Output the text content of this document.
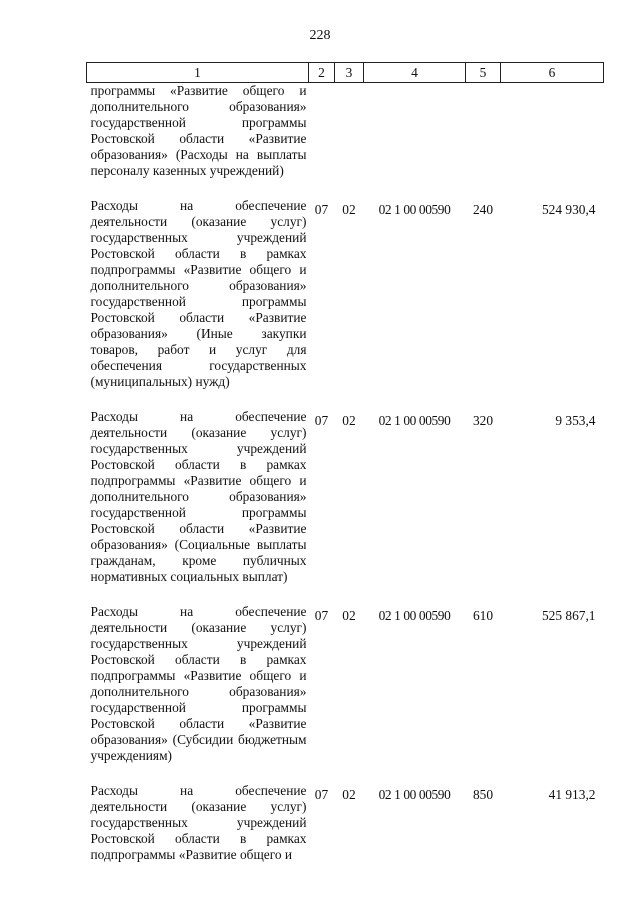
228
1	2	3	4	5	6
программы «Развитие общего и дополнительного образования» государственной программы Ростовской области «Развитие образования» (Расходы на выплаты персоналу казенных учреждений)					
Расходы на обеспечение деятельности (оказание услуг) государственных учреждений Ростовской области в рамках подпрограммы «Развитие общего и дополнительного образования» государственной программы Ростовской области «Развитие образования» (Иные закупки товаров, работ и услуг для обеспечения государственных (муниципальных) нужд)	07	02	02 1 00 00590	240	524 930,4
Расходы на обеспечение деятельности (оказание услуг) государственных учреждений Ростовской области в рамках подпрограммы «Развитие общего и дополнительного образования» государственной программы Ростовской области «Развитие образования» (Социальные выплаты гражданам, кроме публичных нормативных социальных выплат)	07	02	02 1 00 00590	320	9 353,4
Расходы на обеспечение деятельности (оказание услуг) государственных учреждений Ростовской области в рамках подпрограммы «Развитие общего и дополнительного образования» государственной программы Ростовской области «Развитие образования» (Субсидии бюджетным учреждениям)	07	02	02 1 00 00590	610	525 867,1
Расходы на обеспечение деятельности (оказание услуг) государственных учреждений Ростовской области в рамках подпрограммы «Развитие общего и	07	02	02 1 00 00590	850	41 913,2
